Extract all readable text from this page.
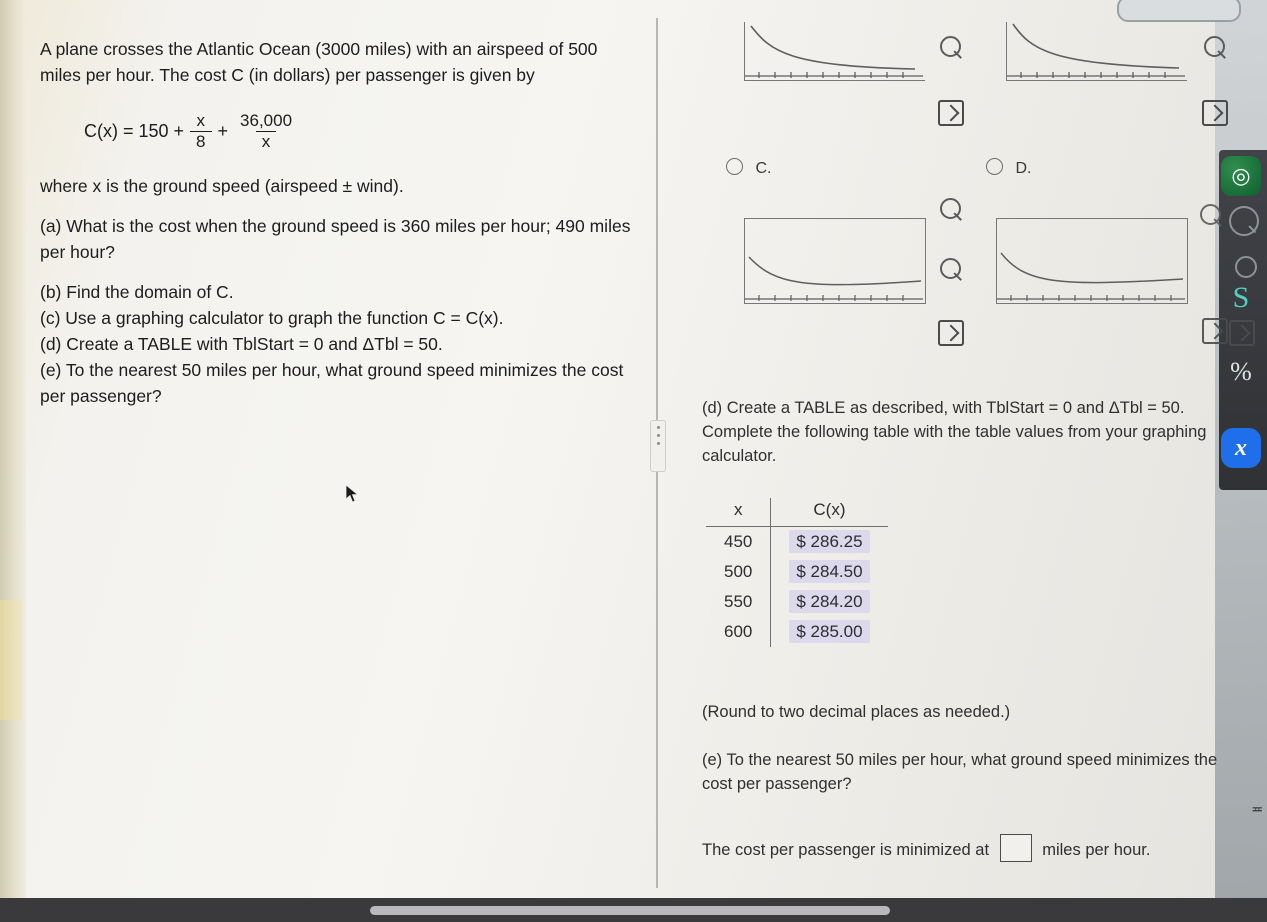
A plane crosses the Atlantic Ocean (3000 miles) with an airspeed of 500 miles per hour. The cost C (in dollars) per passenger is given by

$C(x) = 150 + \frac{x}{8} + \frac{36,000}{x}$

where x is the ground speed (airspeed ± wind).

(a) What is the cost when the ground speed is 360 miles per hour; 490 miles per hour?

(b) Find the domain of C.

(c) Use a graphing calculator to graph the function C = C(x).

(d) Create a TABLE with TblStart = 0 and ΔTbl = 50.

(e) To the nearest 50 miles per hour, what ground speed minimizes the cost per passenger?

C.	D.
(d) Create a TABLE as described, with TblStart = 0 and ΔTbl = 50. Complete the following table with the table values from your graphing calculator.
x	C(x)
450	$ 286.25
500	$ 284.50
550	$ 284.20
600	$ 285.00
(Round to two decimal places as needed.)
(e) To the nearest 50 miles per hour, what ground speed minimizes the cost per passenger?
The cost per passenger is minimized at	miles per hour.
◎
S
%
x
≖
